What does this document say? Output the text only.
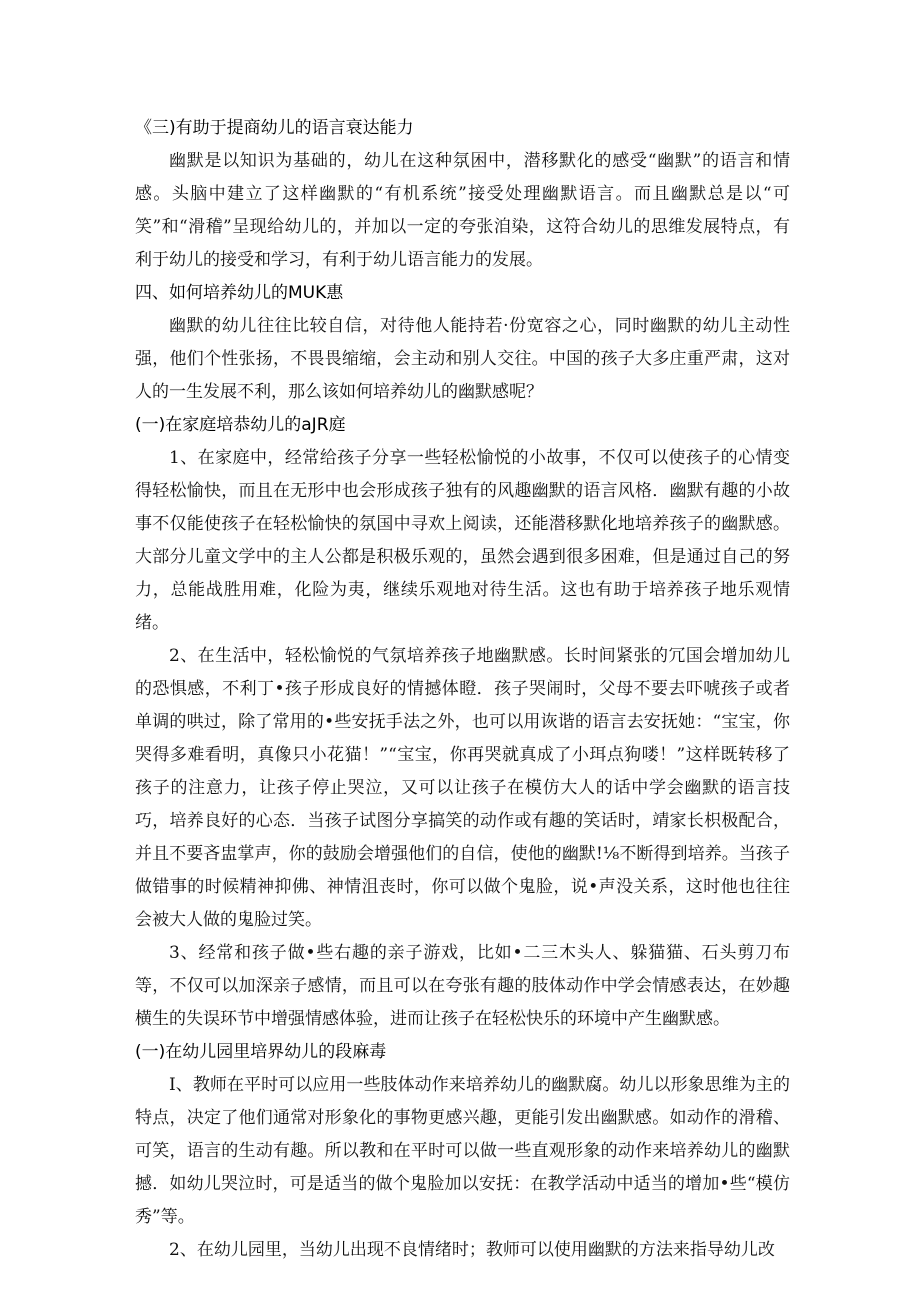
《三)有助于提商幼儿的语言衰达能力

幽默是以知识为基础的，幼儿在这种氛困中，潜移默化的感受“幽默”的语言和情感。头脑中建立了这样幽默的“有机系统”接受处理幽默语言。而且幽默总是以“可笑”和“滑稽”呈现给幼儿的，并加以一定的夸张洎染，这符合幼儿的思维发展特点，有利于幼儿的接受和学习，有利于幼儿语言能力的发展。

四、如何培养幼儿的MUK惠

幽默的幼儿往往比较自信，对待他人能持若·份宽容之心，同时幽默的幼儿主动性强，他们个性张扬，不畏畏缩缩，会主动和别人交往。中国的孩子大多庄重严肃，这对人的一生发展不利，那么该如何培养幼儿的幽默感呢？

(一)在家庭培恭幼儿的aJR庭

1、在家庭中，经常给孩子分享一些轻松愉悦的小故事，不仅可以使孩子的心情变得轻松愉快，而且在无形中也会形成孩子独有的风趣幽默的语言风格．幽默有趣的小故事不仅能使孩子在轻松愉快的氛国中寻欢上阅读，还能潜移默化地培养孩子的幽默感。大部分儿童文学中的主人公都是积极乐观的，虽然会遇到很多困难，但是通过自己的努力，总能战胜用难，化险为夷，继续乐观地对待生活。这也有助于培养孩子地乐观情绪。

2、在生活中，轻松愉悦的气氛培养孩子地幽默感。长时间紧张的冗国会增加幼儿的恐惧感，不利丁•孩子形成良好的情撼体瞪．孩子哭闹时，父母不要去吓唬孩子或者单调的哄过，除了常用的•些安抚手法之外，也可以用诙谐的语言去安抚她：“宝宝，你哭得多难看明，真像只小花猫！”“宝宝，你再哭就真成了小珥点狗喽！”这样既转移了孩子的注意力，让孩子停止哭泣，又可以让孩子在模仿大人的话中学会幽默的语言技巧，培养良好的心态．当孩子试图分享搞笑的动作或有趣的笑话时，靖家长枳极配合，并且不要吝盅掌声，你的鼓励会增强他们的自信，使他的幽默!⅛不断得到培养。当孩子做错事的时候精神抑佛、神情沮丧时，你可以做个鬼脸，说•声没关系，这时他也往往会被大人做的鬼脸过笑。

3、经常和孩子做•些右趣的亲子游戏，比如•二三木头人、躲猫猫、石头剪刀布等，不仅可以加深亲子感情，而且可以在夸张有趣的肢体动作中学会情感表达，在妙趣横生的失误环节中增强情感体验，进而让孩子在轻松快乐的环境中产生幽默感。

(一)在幼儿园里培界幼儿的段麻毒

I、教师在平时可以应用一些肢体动作来培养幼儿的幽默腐。幼儿以形象思维为主的特点，决定了他们通常对形象化的事物更感兴趣，更能引发出幽默感。如动作的滑稽、可笑，语言的生动有趣。所以教和在平时可以做一些直观形象的动作来培养幼儿的幽默撼．如幼儿哭泣时，可是适当的做个鬼脸加以安抚：在教学活动中适当的增加•些“模仿秀”等。

2、在幼儿园里，当幼儿出现不良情绪时；教师可以使用幽默的方法来指导幼儿改
